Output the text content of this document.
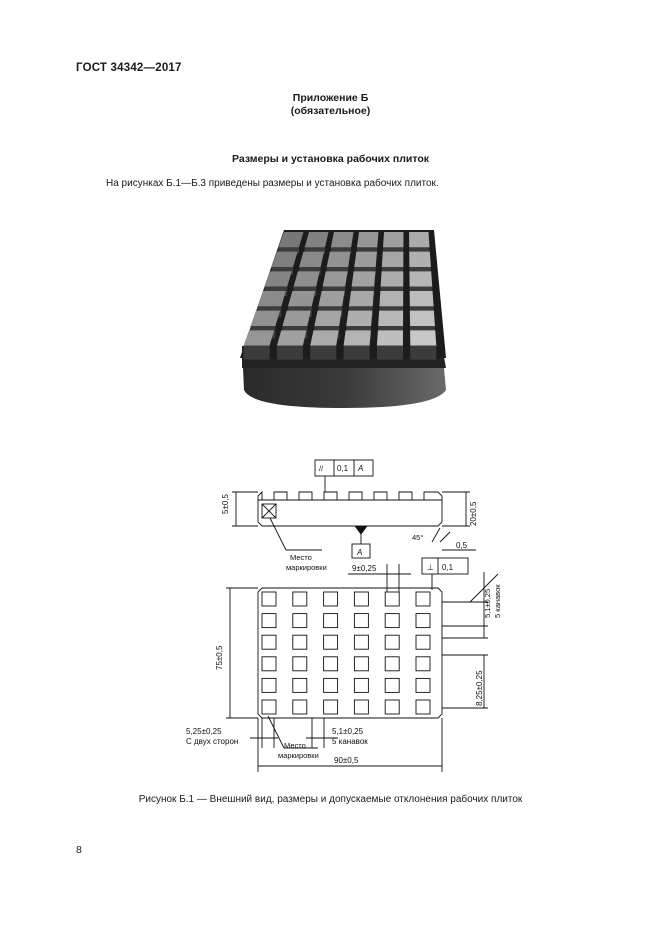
ГОСТ 34342—2017
Приложение Б
(обязательное)
Размеры и установка рабочих плиток
На рисунках Б.1—Б.3 приведены размеры и установка рабочих плиток.
// 0,1 A
A
5±0,5	20±0,5
45°
0,5
Место
маркировки	9±0,25	⊥ 0,1
75±0,5
5,1±0,25 5 канавок
8,25±0,25
5,25±0,25
С двух сторон
5,1±0,25
5 канавок
Место
маркировки
90±0,5
Рисунок Б.1 — Внешний вид, размеры и допускаемые отклонения рабочих плиток
8
